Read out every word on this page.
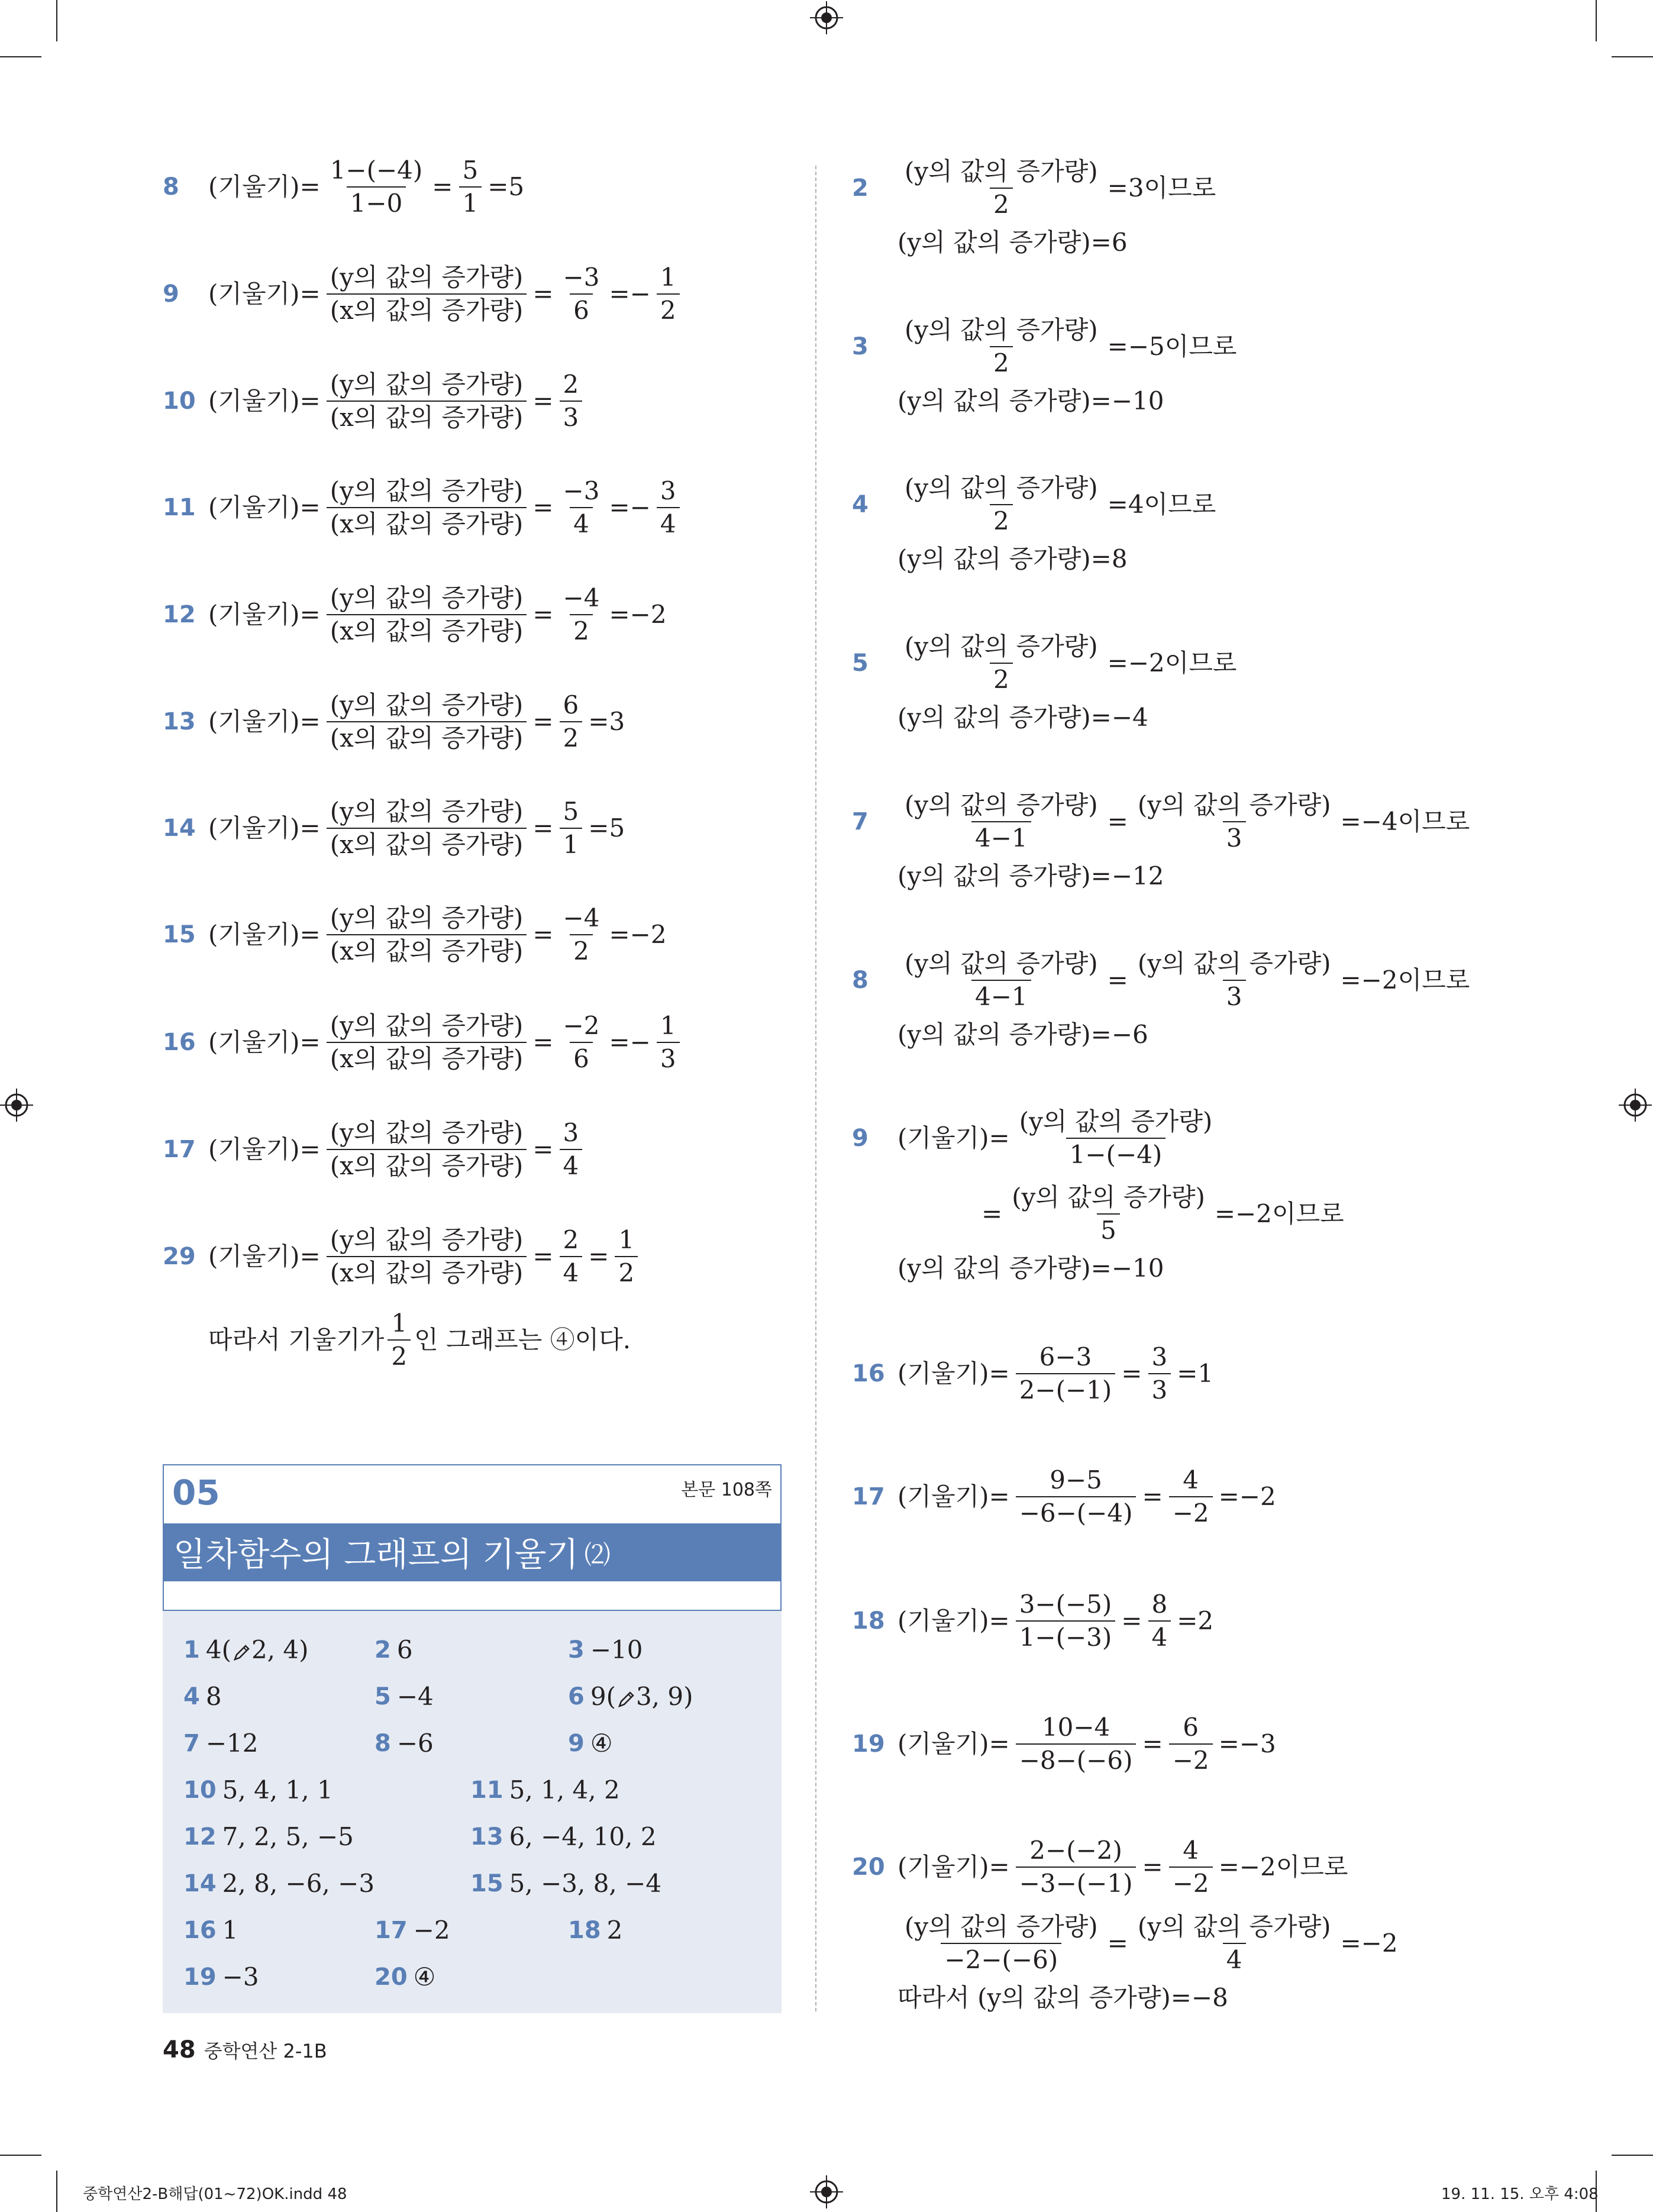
8	(기울기)= $\frac{1-(-4)}{1-0} = \frac{5}{1} =5$
9	(기울기)= $\frac{\text{(y의 값의 증가량)}}{\text{(x의 값의 증가량)}} = \frac{-3}{6} =- \frac{1}{2}$
10 (기울기)= $\frac{\text{(y의 값의 증가량)}}{\text{(x의 값의 증가량)}} = \frac{2}{3}$
11 (기울기)= $\frac{\text{(y의 값의 증가량)}}{\text{(x의 값의 증가량)}} = \frac{-3}{4} =- \frac{3}{4}$
12 (기울기)= $\frac{\text{(y의 값의 증가량)}}{\text{(x의 값의 증가량)}} = \frac{-4}{2} =-2$
13 (기울기)= $\frac{\text{(y의 값의 증가량)}}{\text{(x의 값의 증가량)}} = \frac{6}{2} =3$
14 (기울기)= $\frac{\text{(y의 값의 증가량)}}{\text{(x의 값의 증가량)}} = \frac{5}{1} =5$
15 (기울기)= $\frac{\text{(y의 값의 증가량)}}{\text{(x의 값의 증가량)}} = \frac{-4}{2} =-2$
16 (기울기)= $\frac{\text{(y의 값의 증가량)}}{\text{(x의 값의 증가량)}} = \frac{-2}{6} =- \frac{1}{3}$
17 (기울기)= $\frac{\text{(y의 값의 증가량)}}{\text{(x의 값의 증가량)}} = \frac{3}{4}$
29 (기울기)= $\frac{\text{(y의 값의 증가량)}}{\text{(x의 값의 증가량)}} = \frac{2}{4} = \frac{1}{2}$
따라서 기울기가 $\frac{1}{2}$ 인 그래프는 ④이다.
05	본문 108쪽
일차함수의 그래프의 기울기 ⑵
1 4( 2, 4)	2 6	3 −10
4 8	5 −4	6 9( 3, 9)
7 −12	8 −6	9 ④
10 5, 4, 1, 1	11 5, 1, 4, 2
12 7, 2, 5, −5	13 6, −4, 10, 2
14 2, 8, −6, −3	15 5, −3, 8, −4
16 1	17 −2	18 2
19 −3	20 ④
2	$\frac{\text{(y의 값의 증가량)}}{2} =3$이므로
(y의 값의 증가량)=6
3	$\frac{\text{(y의 값의 증가량)}}{2} =-5$이므로
(y의 값의 증가량)=−10
4	$\frac{\text{(y의 값의 증가량)}}{2} =4$이므로
(y의 값의 증가량)=8
5	$\frac{\text{(y의 값의 증가량)}}{2} =-2$이므로
(y의 값의 증가량)=−4
7	$\frac{\text{(y의 값의 증가량)}}{4-1} = \frac{\text{(y의 값의 증가량)}}{3} =-4$이므로
(y의 값의 증가량)=−12
8	$\frac{\text{(y의 값의 증가량)}}{4-1} = \frac{\text{(y의 값의 증가량)}}{3} =-2$이므로
(y의 값의 증가량)=−6
9	(기울기)= $\frac{\text{(y의 값의 증가량)}}{1-(-4)}$
= $\frac{\text{(y의 값의 증가량)}}{5} =-2$이므로
(y의 값의 증가량)=−10
16 (기울기)= $\frac{6-3}{2-(-1)} = \frac{3}{3} =1$
17 (기울기)= $\frac{9-5}{-6-(-4)} = \frac{4}{-2} =-2$
18 (기울기)= $\frac{3-(-5)}{1-(-3)} = \frac{8}{4} =2$
19 (기울기)= $\frac{10-4}{-8-(-6)} = \frac{6}{-2} =-3$
20 (기울기)= $\frac{2-(-2)}{-3-(-1)} = \frac{4}{-2} =-2$이므로
$\frac{\text{(y의 값의 증가량)}}{-2-(-6)} = \frac{\text{(y의 값의 증가량)}}{4} =-2$
따라서 (y의 값의 증가량)=−8
48 중학연산 2-1B
중학연산2-B해답(01~72)OK.indd 48	19. 11. 15. 오후 4:08
